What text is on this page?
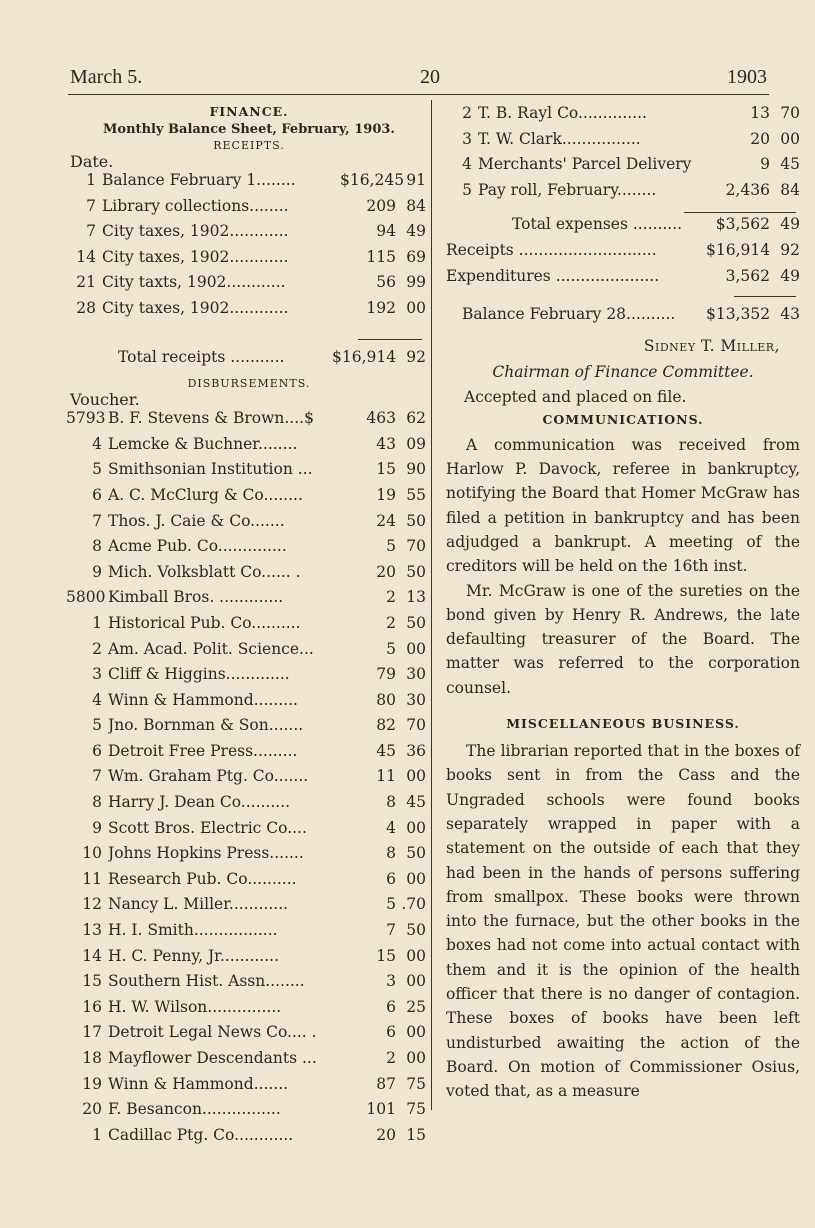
March 5.	20	1903
FINANCE.
Monthly Balance Sheet, February, 1903.
RECEIPTS.
Date.
1 Balance February 1........	$16,245 91
7 Library collections........	209 84
7 City taxes, 1902............	94 49
14 City taxes, 1902............	115 69
21 City taxts, 1902............	56 99
28 City taxes, 1902............	192 00
Total receipts ...........	$16,914 92
DISBURSEMENTS.
Voucher.
5793 B. F. Stevens & Brown....$	463 62
4 Lemcke & Buchner........	43 09
5 Smithsonian Institution ...	15 90
6 A. C. McClurg & Co........	19 55
7 Thos. J. Caie & Co.......	24 50
8 Acme Pub. Co..............	5 70
9 Mich. Volksblatt Co...... .	20 50
5800 Kimball Bros. .............	2 13
1 Historical Pub. Co..........	2 50
2 Am. Acad. Polit. Science...	5 00
3 Cliff & Higgins.............	79 30
4 Winn & Hammond.........	80 30
5 Jno. Bornman & Son.......	82 70
6 Detroit Free Press.........	45 36
7 Wm. Graham Ptg. Co.......	11 00
8 Harry J. Dean Co..........	8 45
9 Scott Bros. Electric Co....	4 00
10 Johns Hopkins Press.......	8 50
11 Research Pub. Co..........	6 00
12 Nancy L. Miller............	5 .70
13 H. I. Smith.................	7 50
14 H. C. Penny, Jr............	15 00
15 Southern Hist. Assn........	3 00
16 H. W. Wilson...............	6 25
17 Detroit Legal News Co.... .	6 00
18 Mayflower Descendants ...	2 00
19 Winn & Hammond.......	87 75
20 F. Besancon................	101 75
1 Cadillac Ptg. Co............	20 15
2 T. B. Rayl Co..............	13 70
3 T. W. Clark................	20 00
4 Merchants' Parcel Delivery	9 45
5 Pay roll, February........	2,436 84
Total expenses ..........	$3,562 49
Receipts ............................	$16,914 92
Expenditures .....................	3,562 49
Balance February 28..........	$13,352 43
Sidney T. Miller,
Chairman of Finance Committee.
Accepted and placed on file.
COMMUNICATIONS.
A communication was received from Harlow P. Davock, referee in bankruptcy, notifying the Board that Homer McGraw has filed a petition in bankruptcy and has been adjudged a bankrupt. A meeting of the creditors will be held on the 16th inst.
Mr. McGraw is one of the sureties on the bond given by Henry R. Andrews, the late defaulting treasurer of the Board. The matter was referred to the corporation counsel.
MISCELLANEOUS BUSINESS.
The librarian reported that in the boxes of books sent in from the Cass and the Ungraded schools were found books separately wrapped in paper with a statement on the outside of each that they had been in the hands of persons suffering from smallpox. These books were thrown into the furnace, but the other books in the boxes had not come into actual contact with them and it is the opinion of the health officer that there is no danger of contagion. These boxes of books have been left undisturbed awaiting the action of the Board. On motion of Commissioner Osius, voted that, as a measure
